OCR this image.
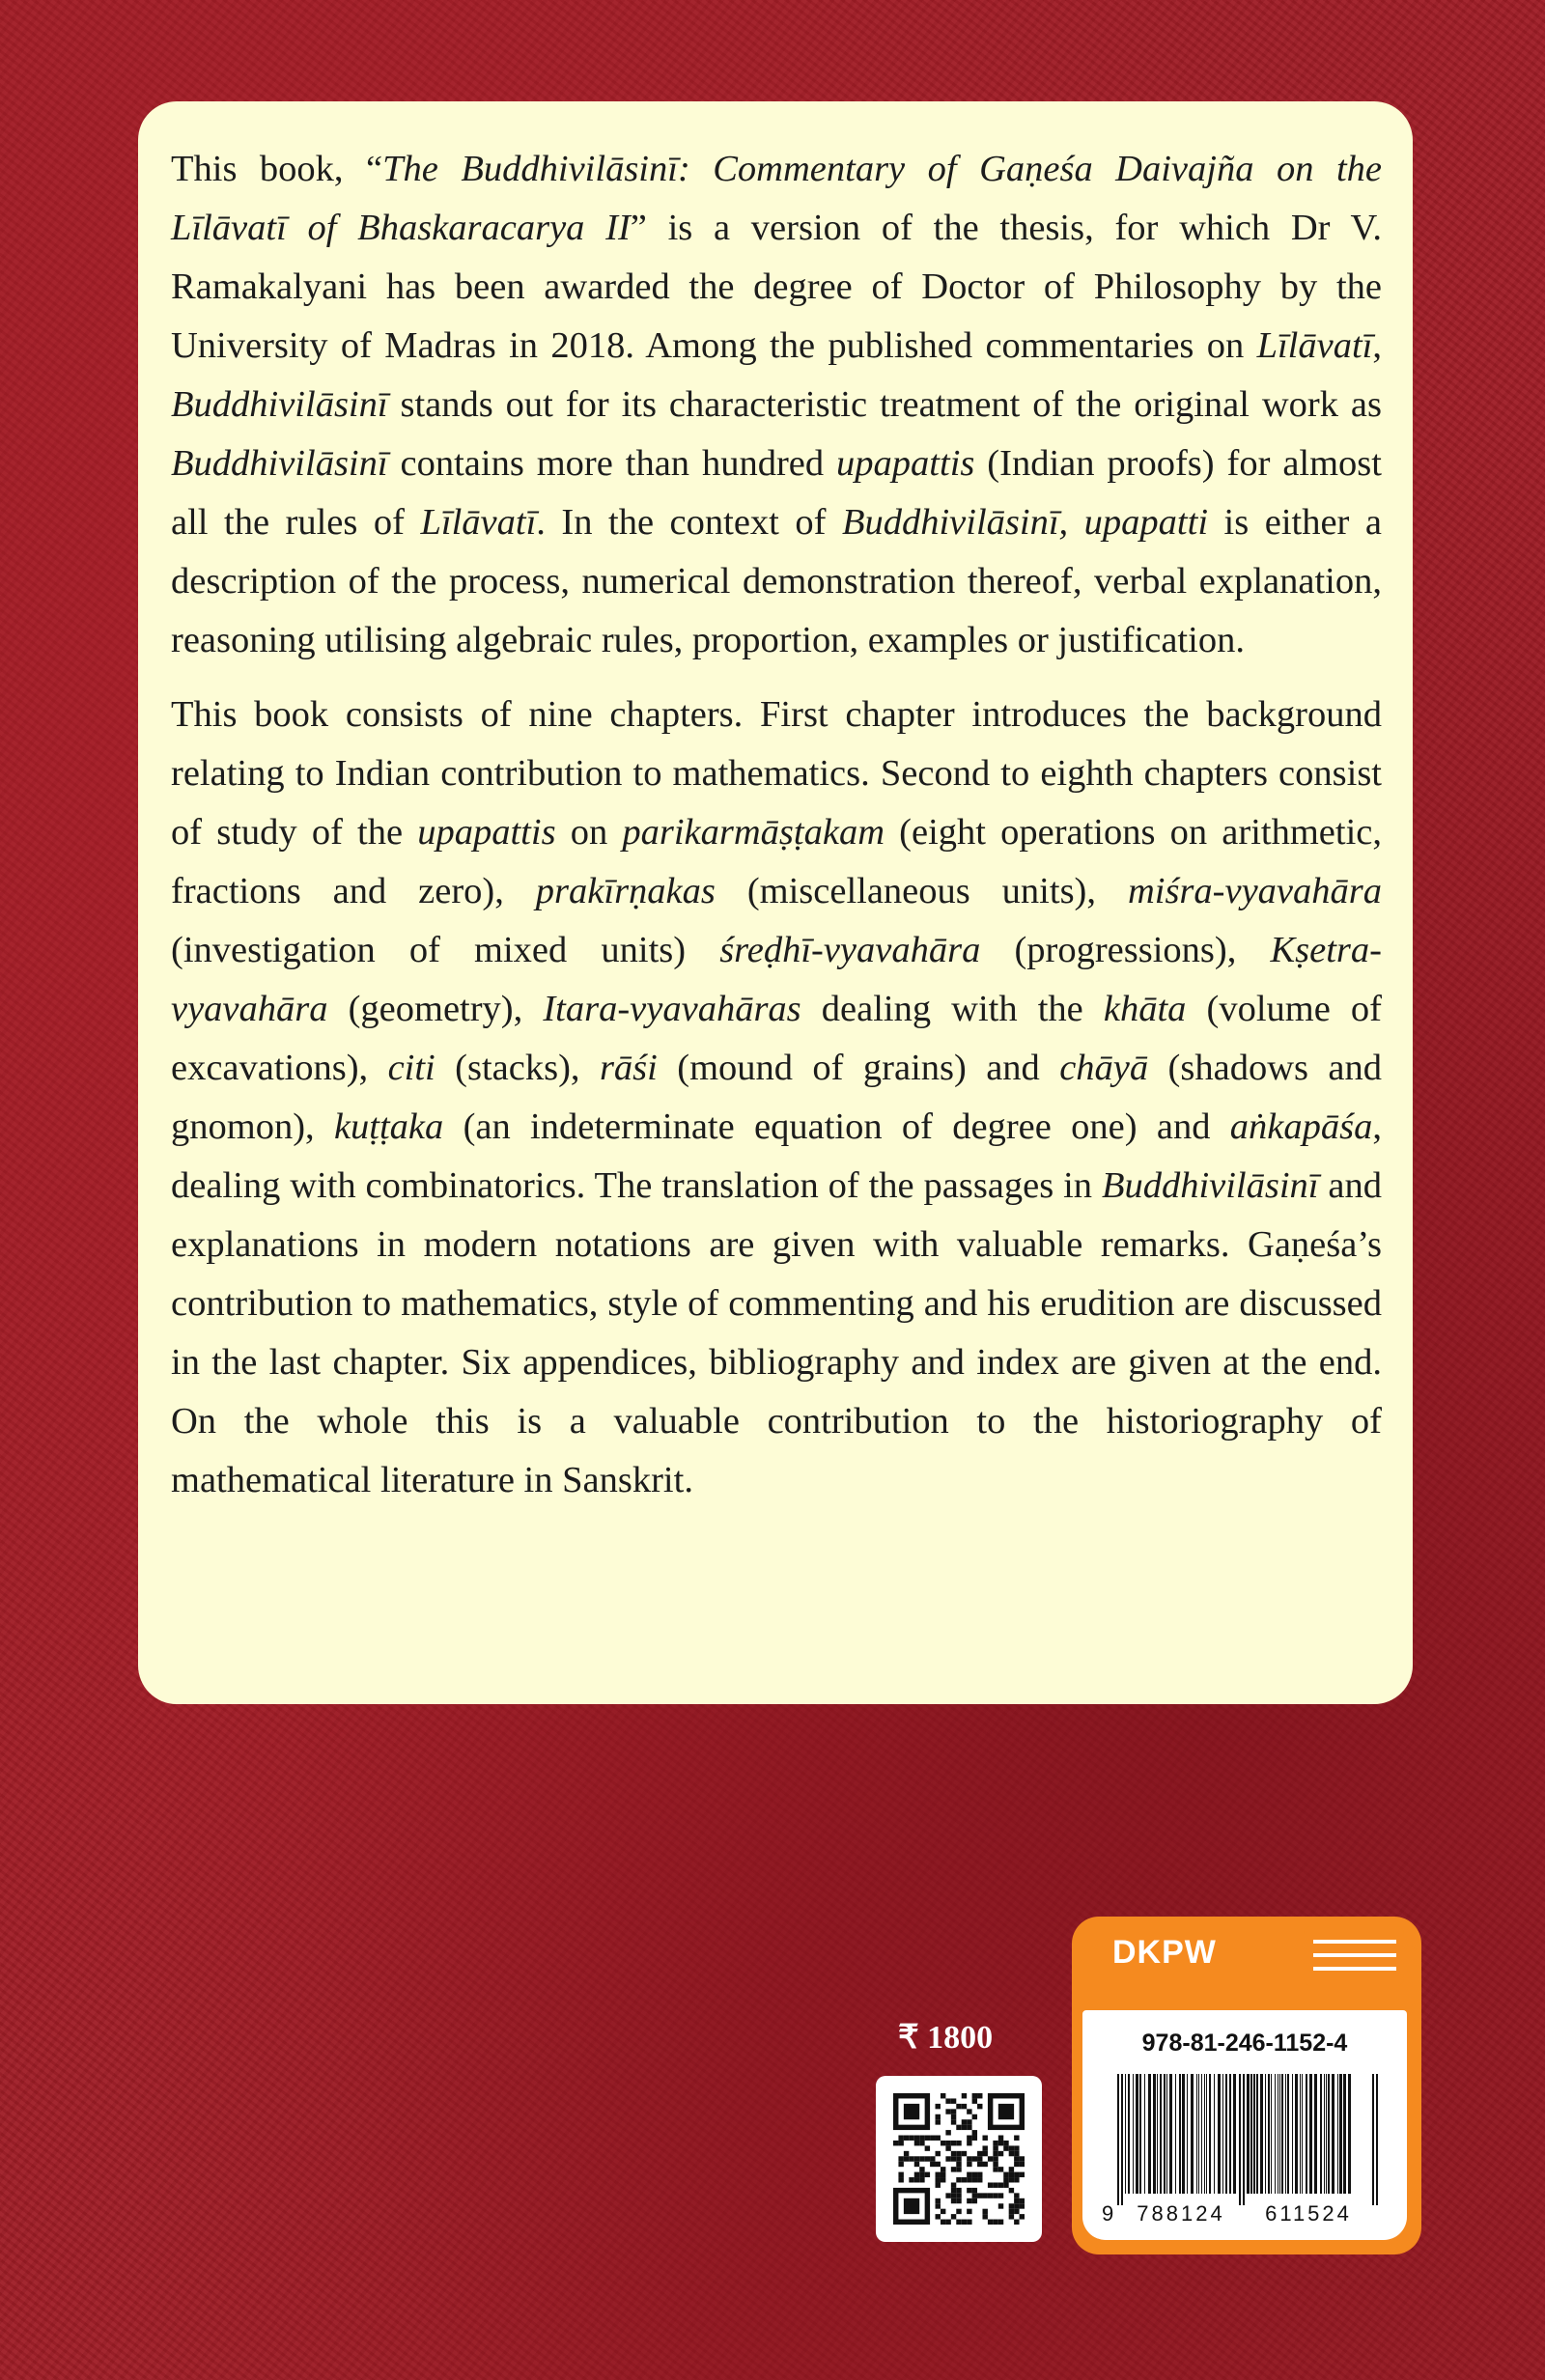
This book, “The Buddhivilāsinī: Commentary of Gaṇeśa Daivajña on the Līlāvatī of Bhaskaracarya II” is a version of the thesis, for which Dr V. Ramakalyani has been awarded the degree of Doctor of Philosophy by the University of Madras in 2018. Among the published commentaries on Līlāvatī, Buddhivilāsinī stands out for its characteristic treatment of the original work as Buddhivilāsinī contains more than hundred upapattis (Indian proofs) for almost all the rules of Līlāvatī. In the context of Buddhivilāsinī, upapatti is either a description of the process, numerical demonstration thereof, verbal explanation, reasoning utilising algebraic rules, proportion, examples or justification.

This book consists of nine chapters. First chapter introduces the background relating to Indian contribution to mathematics. Second to eighth chapters consist of study of the upapattis on parikarmāṣṭakam (eight operations on arithmetic, fractions and zero), prakīrṇakas (miscellaneous units), miśra-vyavahāra (investigation of mixed units) śreḍhī-vyavahāra (progressions), Kṣetra-vyavahāra (geometry), Itara-vyavahāras dealing with the khāta (volume of excavations), citi (stacks), rāśi (mound of grains) and chāyā (shadows and gnomon), kuṭṭaka (an indeterminate equation of degree one) and aṅkapāśa, dealing with combinatorics. The translation of the passages in Buddhivilāsinī and explanations in modern notations are given with valuable remarks. Gaṇeśa’s contribution to mathematics, style of commenting and his erudition are discussed in the last chapter. Six appendices, bibliography and index are given at the end. On the whole this is a valuable contribution to the historiography of mathematical literature in Sanskrit.

₹ 1800
DKPW
978-81-246-1152-4
9 788124 611524
